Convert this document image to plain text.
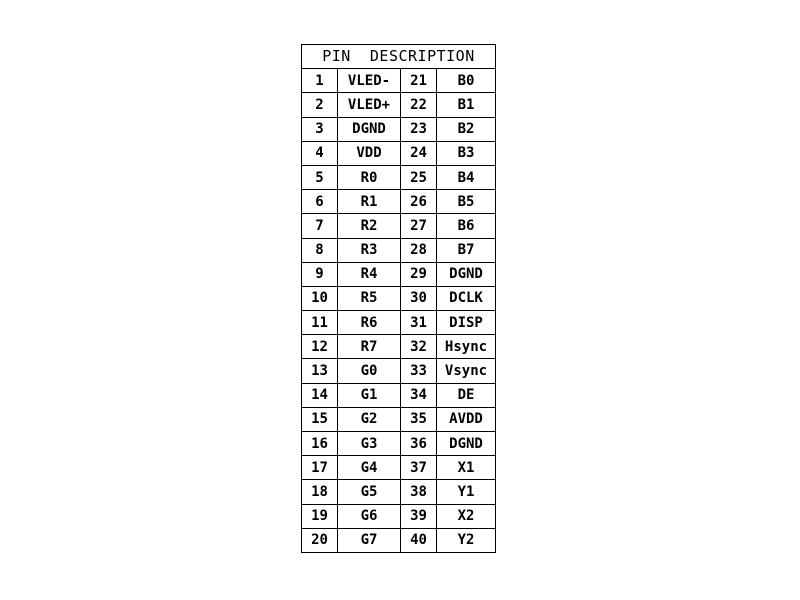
PIN  DESCRIPTION			
1	VLED-	21	B0
2	VLED+	22	B1
3	DGND	23	B2
4	VDD	24	B3
5	R0	25	B4
6	R1	26	B5
7	R2	27	B6
8	R3	28	B7
9	R4	29	DGND
10	R5	30	DCLK
11	R6	31	DISP
12	R7	32	Hsync
13	G0	33	Vsync
14	G1	34	DE
15	G2	35	AVDD
16	G3	36	DGND
17	G4	37	X1
18	G5	38	Y1
19	G6	39	X2
20	G7	40	Y2
